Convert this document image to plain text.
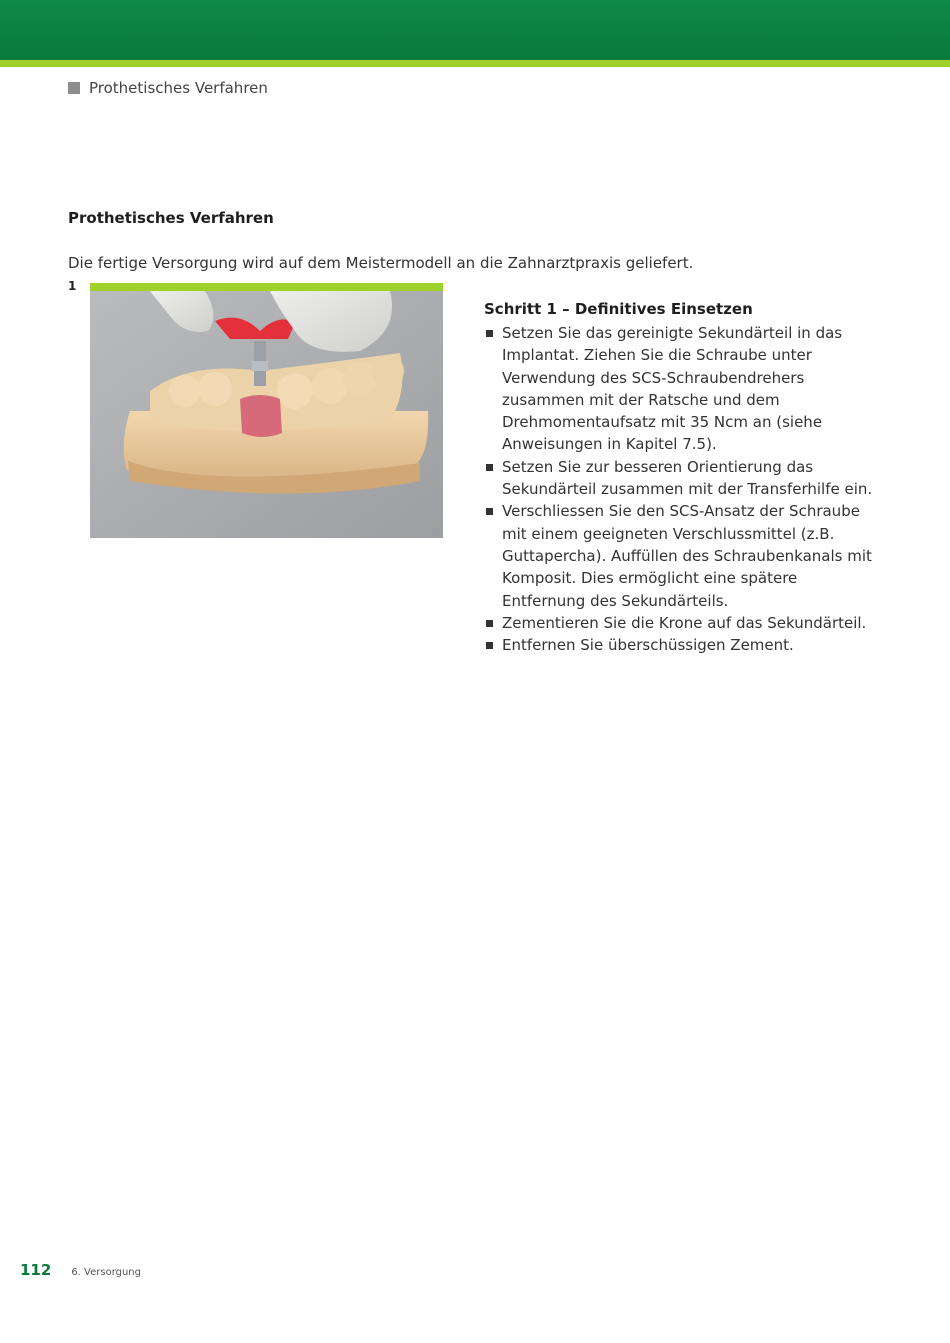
Prothetisches Verfahren
Prothetisches Verfahren
Die fertige Versorgung wird auf dem Meistermodell an die Zahnarztpraxis geliefert.
1
Schritt 1 – Definitives Einsetzen
Setzen Sie das gereinigte Sekundärteil in das Implantat. Ziehen Sie die Schraube unter Verwendung des SCS-Schraubendrehers zusammen mit der Ratsche und dem Drehmomentaufsatz mit 35 Ncm an (siehe Anweisungen in Kapitel 7.5).
Setzen Sie zur besseren Orientierung das Sekundärteil zusammen mit der Transferhilfe ein.
Verschliessen Sie den SCS-Ansatz der Schraube mit einem geeigneten Verschlussmittel (z.B. Guttapercha). Auffüllen des Schraubenkanals mit Komposit. Dies ermöglicht eine spätere Entfernung des Sekundärteils.
Zementieren Sie die Krone auf das Sekundärteil.
Entfernen Sie überschüssigen Zement.
112 6. Versorgung
